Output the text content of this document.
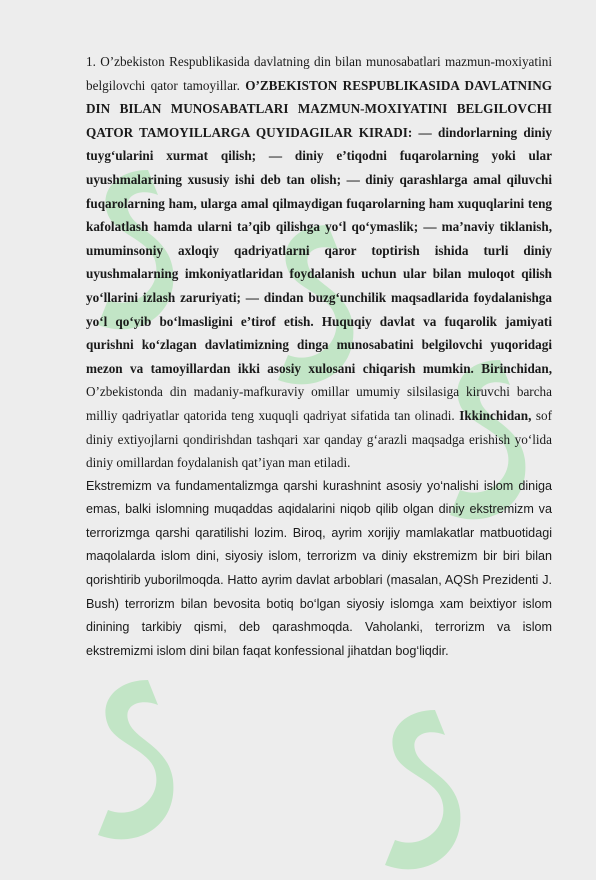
1. O’zbekiston Respublikasida davlatning din bilan munosabatlari mazmun-moxiyatini belgilovchi qator tamoyillar. O’ZBEKISTON RESPUBLIKASIDA DAVLATNING DIN BILAN MUNOSABATLARI MAZMUN-MOXIYATINI BELGILOVCHI QATOR TAMOYILLARGA QUYIDAGILAR KIRADI: — dindorlarning diniy tuyg‘ularini xurmat qilish; — diniy e’tiqodni fuqarolarning yoki ular uyushmalarining xususiy ishi deb tan olish; — diniy qarashlarga amal qiluvchi fuqarolarning ham, ularga amal qilmaydigan fuqarolarning ham xuquqlarini teng kafolatlash hamda ularni ta’qib qilishga yo‘l qo‘ymaslik; — ma’naviy tiklanish, umuminsoniy axloqiy qadriyatlarni qaror toptirish ishida turli diniy uyushmalarning imkoniyatlaridan foydalanish uchun ular bilan muloqot qilish yo‘llarini izlash zaruriyati; — dindan buzg‘unchilik maqsadlarida foydalanishga yo‘l qo‘yib bo‘lmasligini e’tirof etish. Huquqiy davlat va fuqarolik jamiyati qurishni ko‘zlagan davlatimizning dinga munosabatini belgilovchi yuqoridagi mezon va tamoyillardan ikki asosiy xulosani chiqarish mumkin. Birinchidan, O’zbekistonda din madaniy-mafkuraviy omillar umumiy silsilasiga kiruvchi barcha milliy qadriyatlar qatorida teng xuquqli qadriyat sifatida tan olinadi. Ikkinchidan, sof diniy extiyojlarni qondirishdan tashqari xar qanday g‘arazli maqsadga erishish yo‘lida diniy omillardan foydalanish qat’iyan man etiladi.

Ekstremizm va fundamentalizmga qarshi kurashnint asosiy yo‘nalishi islom diniga emas, balki islomning muqaddas aqidalarini niqob qilib olgan diniy ekstremizm va terrorizmga qarshi qaratilishi lozim. Biroq, ayrim xorijiy mamlakatlar matbuotidagi maqolalarda islom dini, siyosiy islom, terrorizm va diniy ekstremizm bir biri bilan qorishtirib yuborilmoqda. Hatto ayrim davlat arboblari (masalan, AQSh Prezidenti J. Bush) terrorizm bilan bevosita botiq bo‘lgan siyosiy islomga xam beixtiyor islom dinining tarkibiy qismi, deb qarashmoqda. Vaholanki, terrorizm va islom ekstremizmi islom dini bilan faqat konfessional jihatdan bog‘liqdir.
